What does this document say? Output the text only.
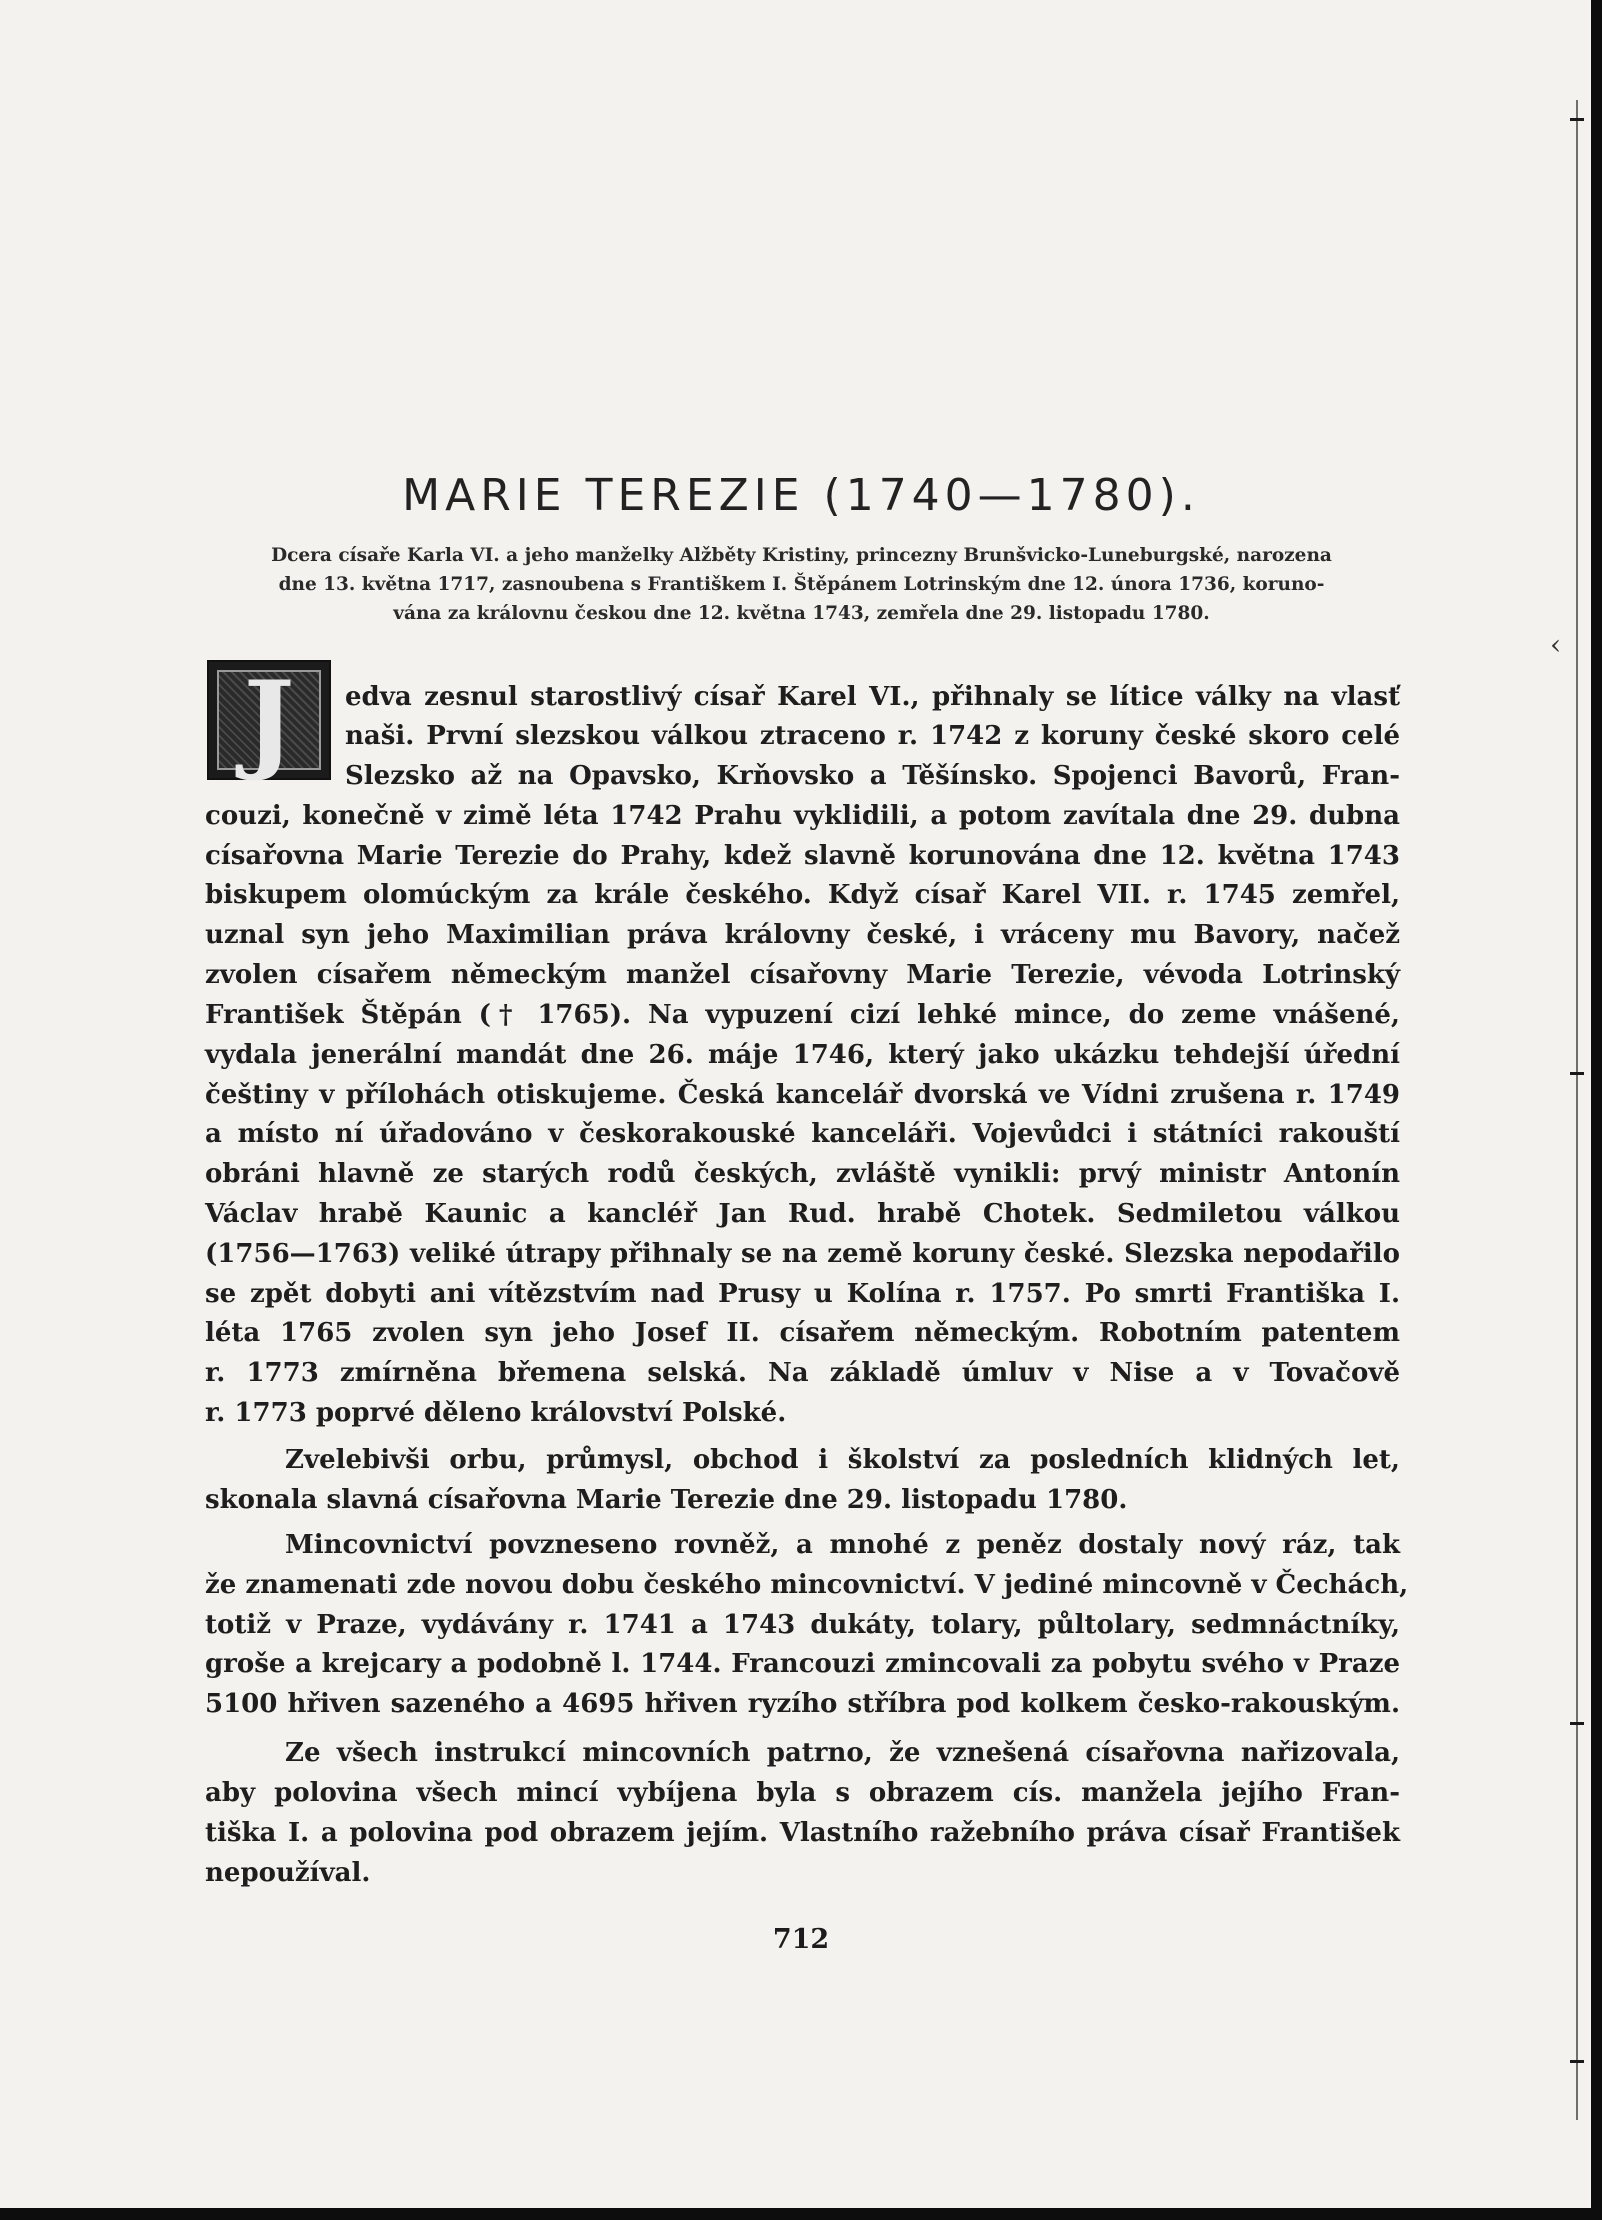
‹
MARIE TEREZIE (1740—1780).
Dcera císaře Karla VI. a jeho manželky Alžběty Kristiny, princezny Brunšvicko-Luneburgské, narozena
dne 13. května 1717, zasnoubena s Františkem I. Štěpánem Lotrinským dne 12. února 1736, koruno-
vána za královnu českou dne 12. května 1743, zemřela dne 29. listopadu 1780.
J	edva zesnul starostlivý císař Karel VI., přihnaly se lítice války na vlasť
naši. První slezskou válkou ztraceno r. 1742 z koruny české skoro celé
Slezsko až na Opavsko, Krňovsko a Těšínsko. Spojenci Bavorů, Fran-
couzi, konečně v zimě léta 1742 Prahu vyklidili, a potom zavítala dne 29. dubna
císařovna Marie Terezie do Prahy, kdež slavně korunována dne 12. května 1743
biskupem olomúckým za krále českého. Když císař Karel VII. r. 1745 zemřel,
uznal syn jeho Maximilian práva královny české, i vráceny mu Bavory, načež
zvolen císařem německým manžel císařovny Marie Terezie, vévoda Lotrinský
František Štěpán († 1765). Na vypuzení cizí lehké mince, do zeme vnášené,
vydala jenerální mandát dne 26. máje 1746, který jako ukázku tehdejší úřední
češtiny v přílohách otiskujeme. Česká kancelář dvorská ve Vídni zrušena r. 1749
a místo ní úřadováno v českorakouské kanceláři. Vojevůdci i státníci rakouští
obráni hlavně ze starých rodů českých, zvláště vynikli: prvý ministr Antonín
Václav hrabě Kaunic a kancléř Jan Rud. hrabě Chotek. Sedmiletou válkou
(1756—1763) veliké útrapy přihnaly se na země koruny české. Slezska nepodařilo
se zpět dobyti ani vítězstvím nad Prusy u Kolína r. 1757. Po smrti Františka I.
léta 1765 zvolen syn jeho Josef II. císařem německým. Robotním patentem
r. 1773 zmírněna břemena selská. Na základě úmluv v Nise a v Tovačově
r. 1773 poprvé děleno království Polské.
Zvelebivši orbu, průmysl, obchod i školství za posledních klidných let,
skonala slavná císařovna Marie Terezie dne 29. listopadu 1780.
Mincovnictví povzneseno rovněž, a mnohé z peněz dostaly nový ráz, tak
že znamenati zde novou dobu českého mincovnictví. V jediné mincovně v Čechách,
totiž v Praze, vydávány r. 1741 a 1743 dukáty, tolary, půltolary, sedmnáctníky,
groše a krejcary a podobně l. 1744. Francouzi zmincovali za pobytu svého v Praze
5100 hřiven sazeného a 4695 hřiven ryzího stříbra pod kolkem česko-rakouským.
Ze všech instrukcí mincovních patrno, že vznešená císařovna nařizovala,
aby polovina všech mincí vybíjena byla s obrazem cís. manžela jejího Fran-
tiška I. a polovina pod obrazem jejím. Vlastního ražebního práva císař František
nepoužíval.
712
